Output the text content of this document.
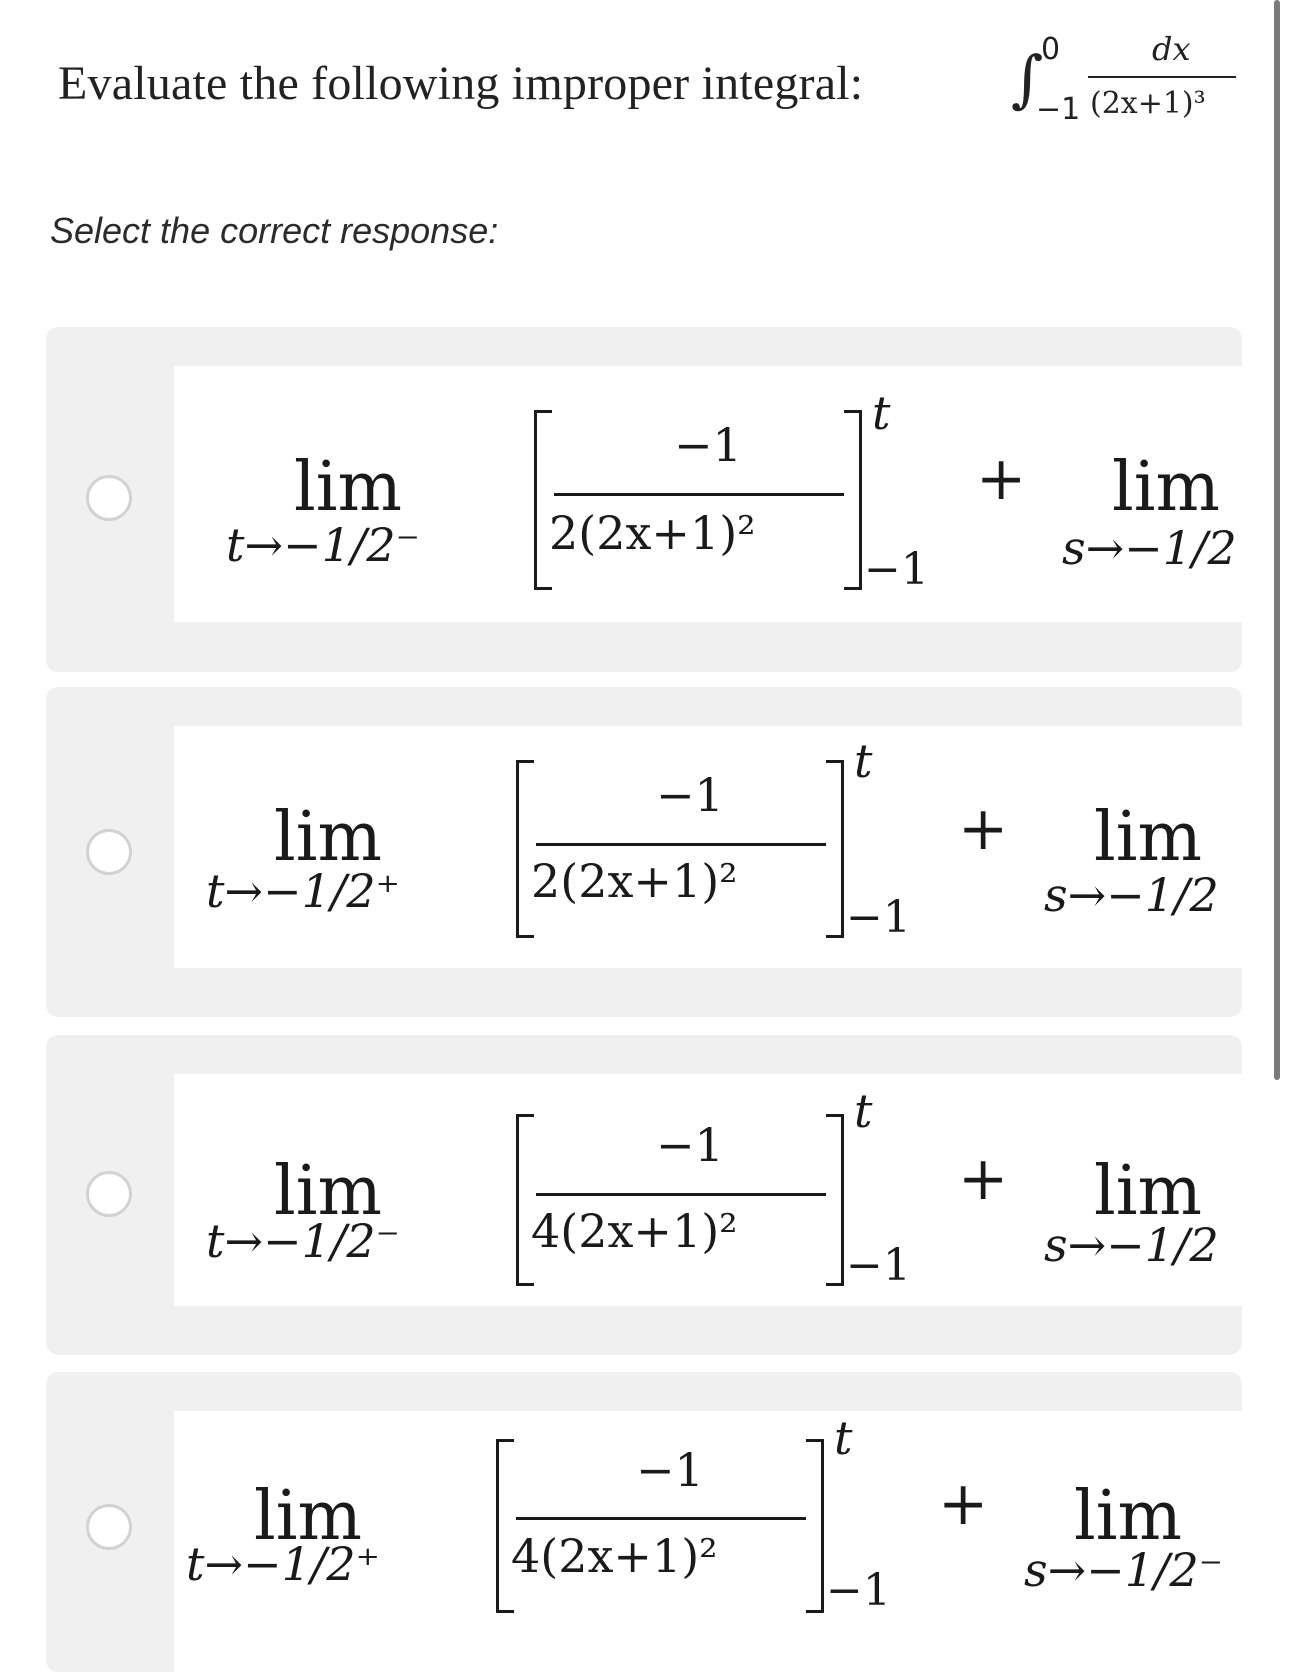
Evaluate the following improper integral: ∫
0
−1
dx
(2x+1)³
Select the correct response:
lim
t→−1/2⁻
−1
2(2x+1)²
t
−1
+ lim
s→−1/2
lim
t→−1/2⁺
−1
2(2x+1)²
t
−1
+ lim
s→−1/2
lim
t→−1/2⁻
−1
4(2x+1)²
t
−1
+ lim
s→−1/2
lim
t→−1/2⁺
−1
4(2x+1)²
t
−1
+ lim
s→−1/2⁻
